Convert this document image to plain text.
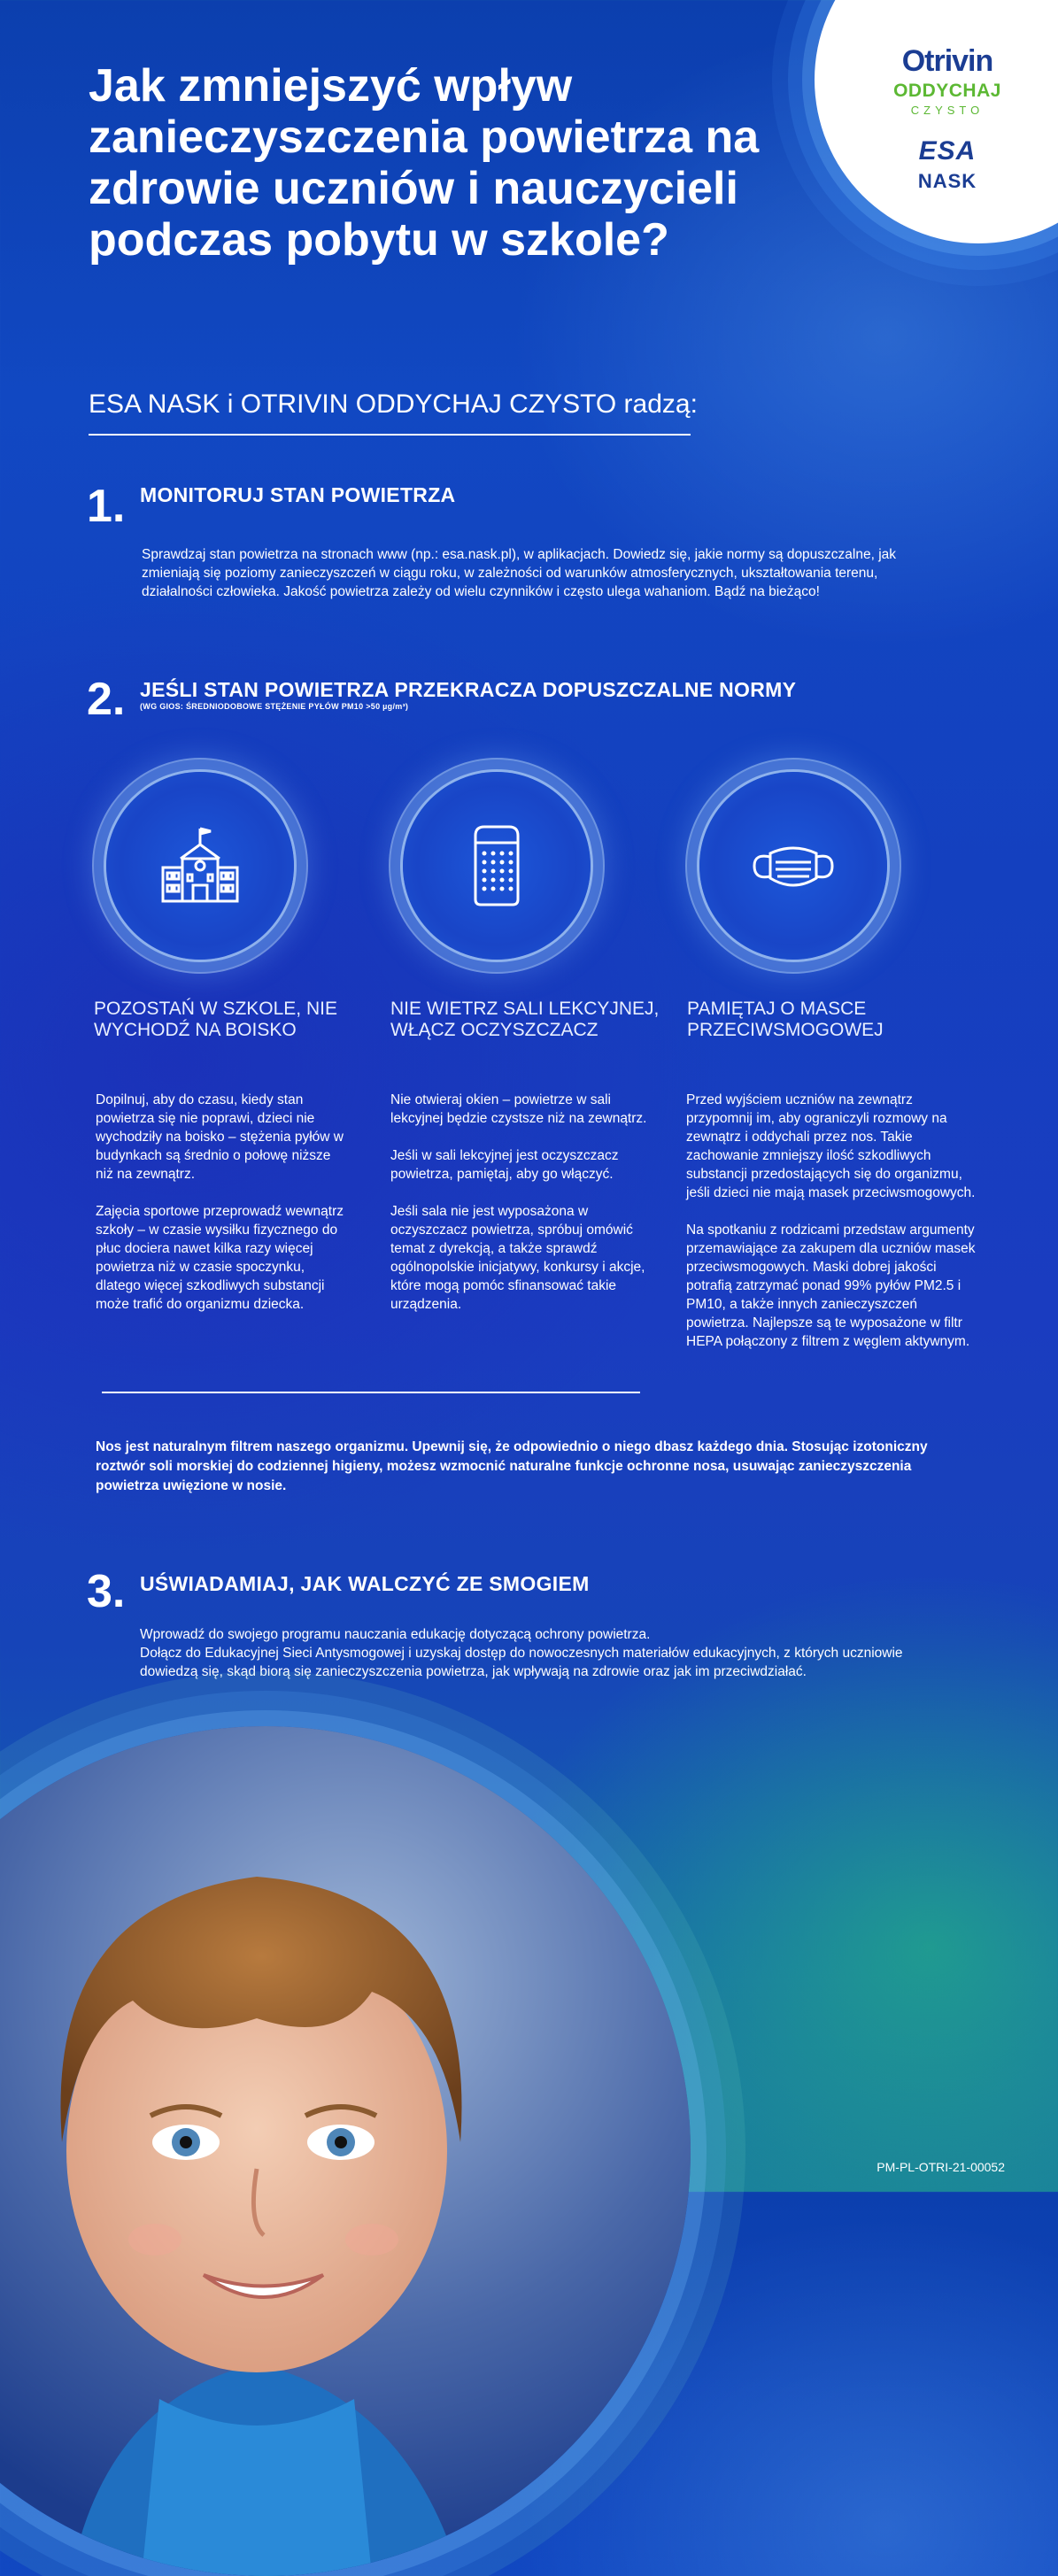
Otrivin
ODDYCHAJ
CZYSTO
ESA
NASK
Jak zmniejszyć wpływ zanieczyszczenia powietrza na zdrowie uczniów i nauczycieli podczas pobytu w szkole?
ESA NASK i OTRIVIN ODDYCHAJ CZYSTO radzą:
1. MONITORUJ STAN POWIETRZA

Sprawdzaj stan powietrza na stronach www (np.: esa.nask.pl), w aplikacjach. Dowiedz się, jakie normy są dopuszczalne, jak zmieniają się poziomy zanieczyszczeń w ciągu roku, w zależności od warunków atmosferycznych, ukształtowania terenu, działalności człowieka. Jakość powietrza zależy od wielu czynników i często ulega wahaniom. Bądź na bieżąco!

2. JEŚLI STAN POWIETRZA PRZEKRACZA DOPUSZCZALNE NORMY
(WG GIOS: ŚREDNIODOBOWE STĘŻENIE PYŁÓW PM10 >50 µg/m³)
POZOSTAŃ W SZKOLE, NIE WYCHODŹ NA BOISKO
NIE WIETRZ SALI LEKCYJNEJ, WŁĄCZ OCZYSZCZACZ
PAMIĘTAJ O MASCE PRZECIWSMOGOWEJ

Dopilnuj, aby do czasu, kiedy stan powietrza się nie poprawi, dzieci nie wychodziły na boisko – stężenia pyłów w budynkach są średnio o połowę niższe niż na zewnątrz.

Zajęcia sportowe przeprowadź wewnątrz szkoły – w czasie wysiłku fizycznego do płuc dociera nawet kilka razy więcej powietrza niż w czasie spoczynku, dlatego więcej szkodliwych substancji może trafić do organizmu dziecka.

Nie otwieraj okien – powietrze w sali lekcyjnej będzie czystsze niż na zewnątrz.

Jeśli w sali lekcyjnej jest oczyszczacz powietrza, pamiętaj, aby go włączyć.

Jeśli sala nie jest wyposażona w oczyszczacz powietrza, spróbuj omówić temat z dyrekcją, a także sprawdź ogólnopolskie inicjatywy, konkursy i akcje, które mogą pomóc sfinansować takie urządzenia.

Przed wyjściem uczniów na zewnątrz przypomnij im, aby ograniczyli rozmowy na zewnątrz i oddychali przez nos. Takie zachowanie zmniejszy ilość szkodliwych substancji przedostających się do organizmu, jeśli dzieci nie mają masek przeciwsmogowych.

Na spotkaniu z rodzicami przedstaw argumenty przemawiające za zakupem dla uczniów masek przeciwsmogowych. Maski dobrej jakości potrafią zatrzymać ponad 99% pyłów PM2.5 i PM10, a także innych zanieczyszczeń powietrza. Najlepsze są te wyposażone w filtr HEPA połączony z filtrem z węglem aktywnym.

Nos jest naturalnym filtrem naszego organizmu. Upewnij się, że odpowiednio o niego dbasz każdego dnia. Stosując izotoniczny roztwór soli morskiej do codziennej higieny, możesz wzmocnić naturalne funkcje ochronne nosa, usuwając zanieczyszczenia powietrza uwięzione w nosie.

3. UŚWIADAMIAJ, JAK WALCZYĆ ZE SMOGIEM

Wprowadź do swojego programu nauczania edukację dotyczącą ochrony powietrza.

Dołącz do Edukacyjnej Sieci Antysmogowej i uzyskaj dostęp do nowoczesnych materiałów edukacyjnych, z których uczniowie dowiedzą się, skąd biorą się zanieczyszczenia powietrza, jak wpływają na zdrowie oraz jak im przeciwdziałać.

PM-PL-OTRI-21-00052
